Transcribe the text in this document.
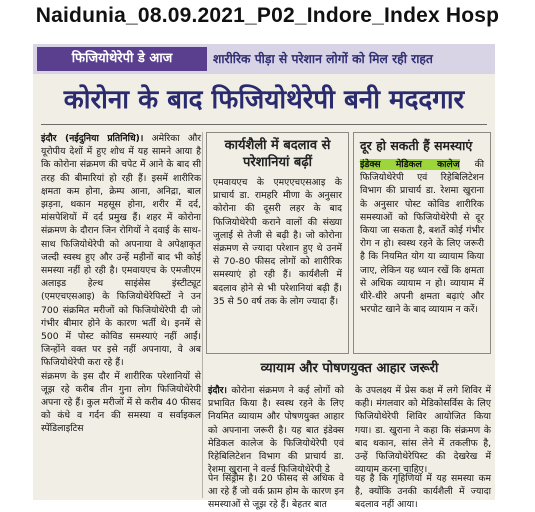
Naidunia_08.09.2021_P02_Indore_Index Hosp
फिजियोथेरेपी डे आज	शारीरिक पीड़ा से परेशान लोगों को मिल रही राहत
कोरोना के बाद फिजियोथेरेपी बनी मददगार
इंदौर (नईदुनिया प्रतिनिधि)। अमेरिका और यूरोपीय देशों में हुए शोध में यह सामने आया है कि कोरोना संक्रमण की चपेट में आने के बाद सी तरह की बीमारियां हो रही हैं। इसमें शारीरिक क्षमता कम होना, क्रेम्प आना, अनिद्रा, बाल झड़ना, थकान महसूस होना, शरीर में दर्द, मांसपेशियों में दर्द प्रमुख हैं। शहर में कोरोना संक्रमण के दौरान जिन रोगियों ने दवाई के साथ-साथ फिजियोथेरेपी को अपनाया वे अपेक्षाकृत जल्दी स्वस्थ हुए और उन्हें महीनों बाद भी कोई समस्या नहीं हो रही है। एमवायएच के एमजीएम अलाइड हेल्थ साइंसेस इंस्टीट्यूट (एमएचएसआइ) के फिजियोथेरेपिस्टों ने उन 700 संक्रमित मरीजों को फिजियोथेरेपी दी जो गंभीर बीमार होने के कारण भर्ती थे। इनमें से 500 में पोस्ट कोविड समस्याएं नहीं आईं। जिन्होंने वक्त पर इसे नहीं अपनाया, वे अब फिजियोथेरेपी करा रहे हैं।
संक्रमण के इस दौर में शारीरिक परेशानियों से जूझ रहे करीब तीन गुना लोग फिजियोथेरेपी अपना रहे हैं। कुल मरीजों में से करीब 40 फीसद को कंधे व गर्दन की समस्या व सर्वाइकल स्पेंडिलाइटिस
कार्यशैली में बदलाव से परेशानियां बढ़ीं
एमवायएच के एमएएचएसआइ के प्राचार्य डा. रामहरि मीणा के अनुसार कोरोना की दूसरी लहर के बाद फिजियोथेरेपी कराने वालों की संख्या जुलाई से तेजी से बढ़ी है। जो कोरोना संक्रमण से ज्यादा परेशान हुए थे उनमें से 70-80 फीसद लोगों को शारीरिक समस्याएं हो रही हैं। कार्यशैली में बदलाव होने से भी परेशानियां बढ़ी हैं। 35 से 50 वर्ष तक के लोग ज्यादा हैं।
दूर हो सकती हैं समस्याएं
इंडेक्स मेडिकल कालेज की फिजियोथेरेपी एवं रिहेबिलिटेशन विभाग की प्राचार्य डा. रेशमा खुराना के अनुसार पोस्ट कोविड शारीरिक समस्याओं को फिजियोथेरेपी से दूर किया जा सकता है, बशर्ते कोई गंभीर रोग न हो। स्वस्थ रहने के लिए जरूरी है कि नियमित योग या व्यायाम किया जाए, लेकिन यह ध्यान रखें कि क्षमता से अधिक व्यायाम न हो। व्यायाम में धीरे-धीरे अपनी क्षमता बढ़ाएं और भरपोट खाने के बाद व्यायाम न करें।
व्यायाम और पोषणयुक्त आहार जरूरी
इंदौर। कोरोना संक्रमण ने कई लोगों को प्रभावित किया है। स्वस्थ रहने के लिए नियमित व्यायाम और पोषणयुक्त आहार को अपनाना जरूरी है। यह बात इंडेक्स मेडिकल कालेज के फिजियोथेरेपी एवं रिहेबिलिटेशन विभाग की प्राचार्य डा. रेशमा खुराना ने वर्ल्ड फिजियोथेरेपी डे
के उपलक्ष्य में प्रेस कक्ष में लगे शिविर में कही। मंगलवार को मेडिकोसर्विस के लिए फिजियोथेरेपी शिविर आयोजित किया गया। डा. खुराना ने कहा कि संक्रमण के बाद थकान, सांस लेने में तकलीफ है, उन्हें फिजियोथेरेपिस्ट की देखरेख में व्यायाम करना चाहिए।
पेन सिंड्रोम है। 20 फीसद से अधिक वे आ रहे हैं जो वर्क फ्राम होम के कारण इन समस्याओं से जूझ रहे हैं। बेहतर बात
यह है कि गृहिणियों में यह समस्या कम है, क्योंकि उनकी कार्यशैली में ज्यादा बदलाव नहीं आया।
